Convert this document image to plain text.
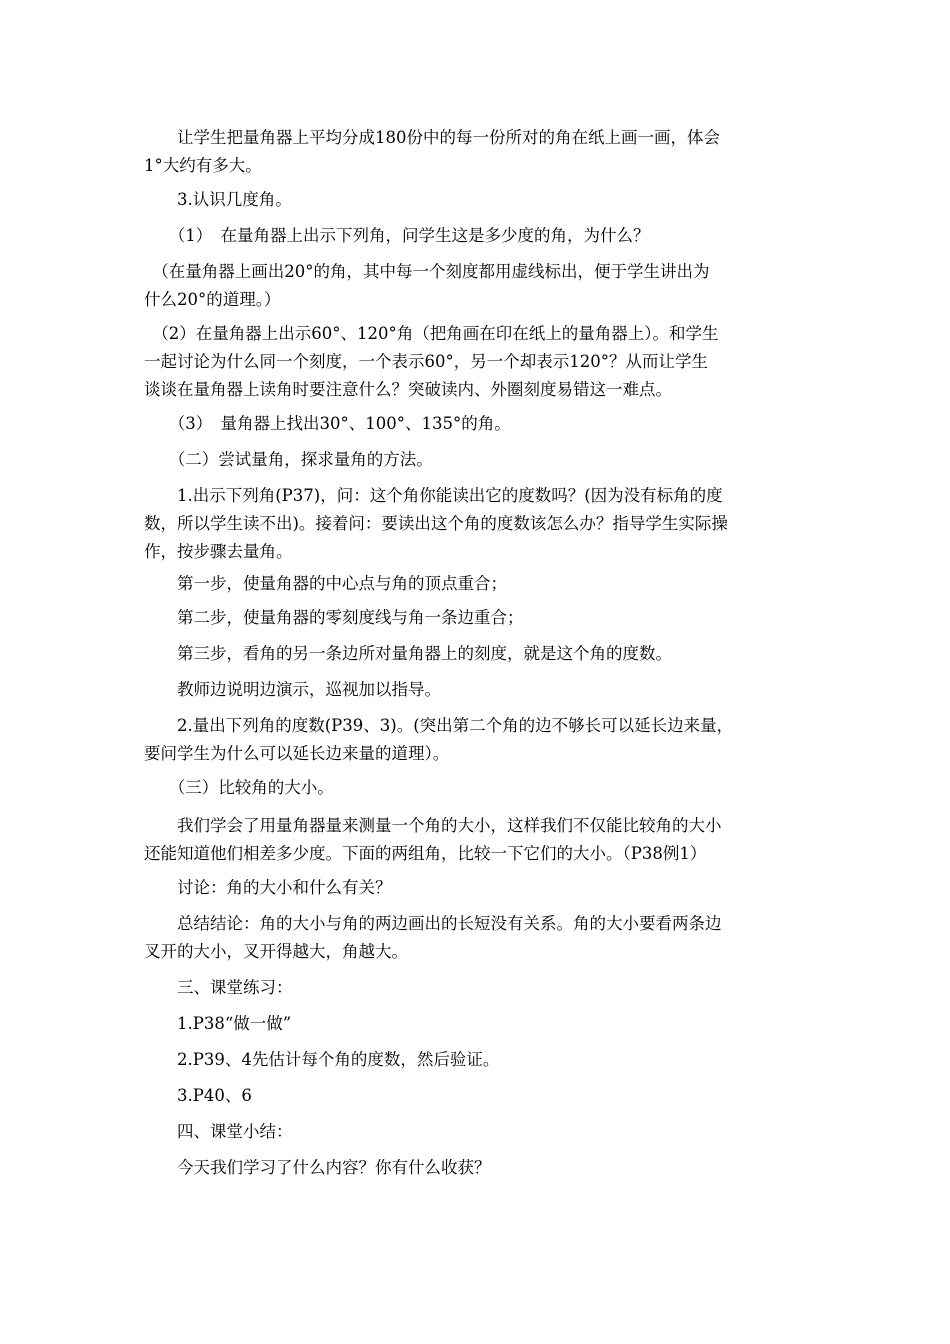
　　让学生把量角器上平均分成180份中的每一份所对的角在纸上画一画，体会
1°大约有多大。

　　3.认识几度角。

　　（1）　在量角器上出示下列角，问学生这是多少度的角，为什么？

　（在量角器上画出20°的角，其中每一个刻度都用虚线标出，便于学生讲出为
什么20°的道理。）

　（2）在量角器上出示60°、120°角（把角画在印在纸上的量角器上）。和学生
一起讨论为什么同一个刻度，一个表示60°，另一个却表示120°？从而让学生
谈谈在量角器上读角时要注意什么？突破读内、外圈刻度易错这一难点。

　　（3）　量角器上找出30°、100°、135°的角。

　　（二）尝试量角，探求量角的方法。

　　1.出示下列角(P37)，问：这个角你能读出它的度数吗？(因为没有标角的度
数，所以学生读不出)。接着问：要读出这个角的度数该怎么办？指导学生实际操
作，按步骤去量角。

　　第一步，使量角器的中心点与角的顶点重合；

　　第二步，使量角器的零刻度线与角一条边重合；

　　第三步，看角的另一条边所对量角器上的刻度，就是这个角的度数。

　　教师边说明边演示，巡视加以指导。

　　2.量出下列角的度数(P39、3)。(突出第二个角的边不够长可以延长边来量，
要问学生为什么可以延长边来量的道理）。

　　（三）比较角的大小。

　　我们学会了用量角器量来测量一个角的大小，这样我们不仅能比较角的大小
还能知道他们相差多少度。下面的两组角，比较一下它们的大小。（P38例1）

　　讨论：角的大小和什么有关？

　　总结结论：角的大小与角的两边画出的长短没有关系。角的大小要看两条边
叉开的大小，叉开得越大，角越大。

　　三、课堂练习：

　　1.P38“做一做”

　　2.P39、4先估计每个角的度数，然后验证。

　　3.P40、6

　　四、课堂小结：

　　今天我们学习了什么内容？你有什么收获？
